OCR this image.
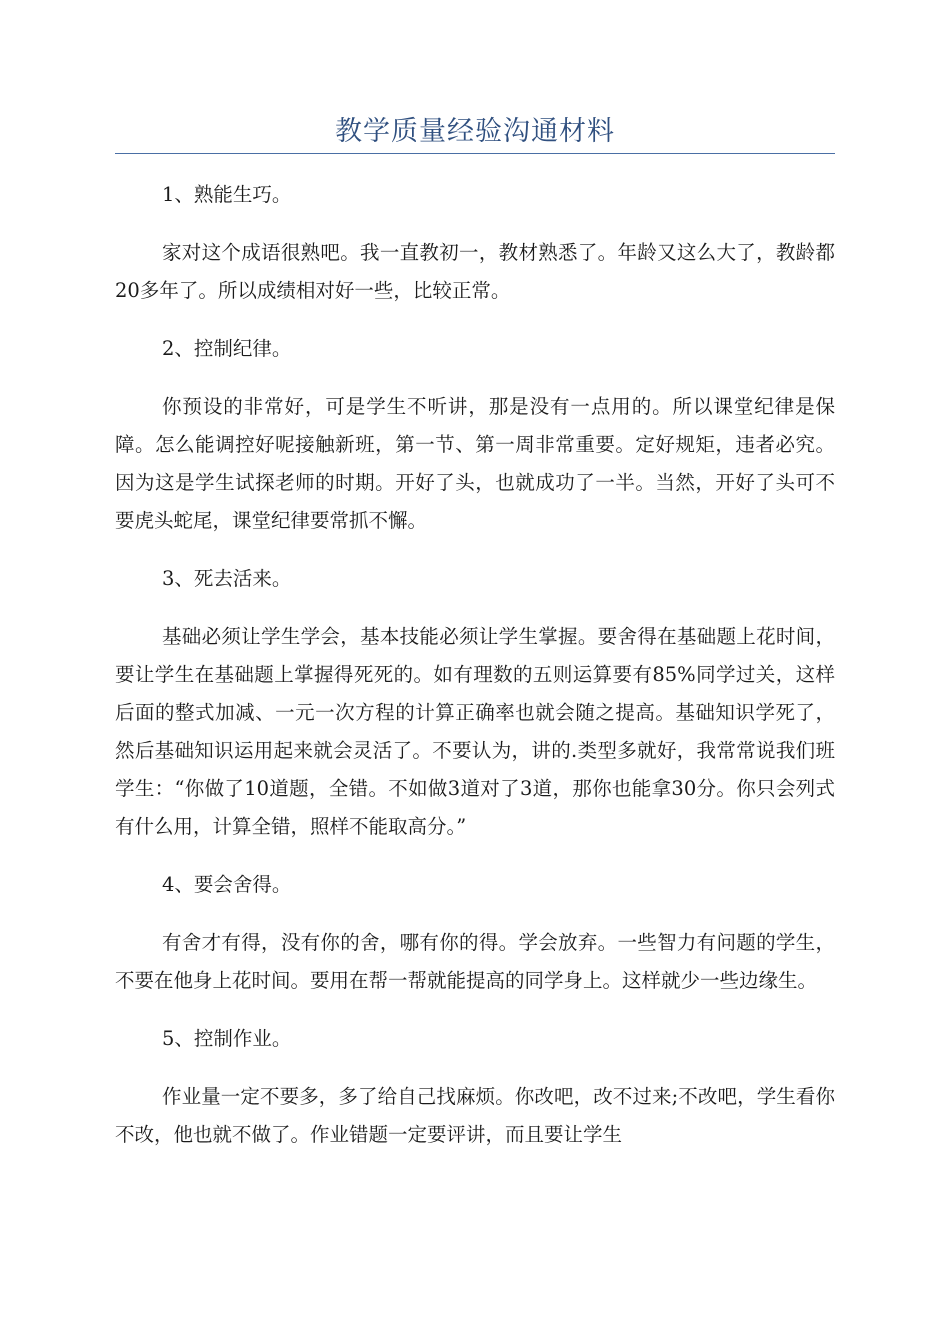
教学质量经验沟通材料
1、熟能生巧。
家对这个成语很熟吧。我一直教初一，教材熟悉了。年龄又这么大了，教龄都20多年了。所以成绩相对好一些，比较正常。
2、控制纪律。
你预设的非常好，可是学生不听讲，那是没有一点用的。所以课堂纪律是保障。怎么能调控好呢接触新班，第一节、第一周非常重要。定好规矩，违者必究。因为这是学生试探老师的时期。开好了头，也就成功了一半。当然，开好了头可不要虎头蛇尾，课堂纪律要常抓不懈。
3、死去活来。
基础必须让学生学会，基本技能必须让学生掌握。要舍得在基础题上花时间，要让学生在基础题上掌握得死死的。如有理数的五则运算要有85%同学过关，这样后面的整式加减、一元一次方程的计算正确率也就会随之提高。基础知识学死了，然后基础知识运用起来就会灵活了。不要认为，讲的.类型多就好，我常常说我们班学生：“你做了10道题，全错。不如做3道对了3道，那你也能拿30分。你只会列式有什么用，计算全错，照样不能取高分。”
4、要会舍得。
有舍才有得，没有你的舍，哪有你的得。学会放弃。一些智力有问题的学生，不要在他身上花时间。要用在帮一帮就能提高的同学身上。这样就少一些边缘生。
5、控制作业。
作业量一定不要多，多了给自己找麻烦。你改吧，改不过来;不改吧，学生看你不改，他也就不做了。作业错题一定要评讲，而且要让学生
